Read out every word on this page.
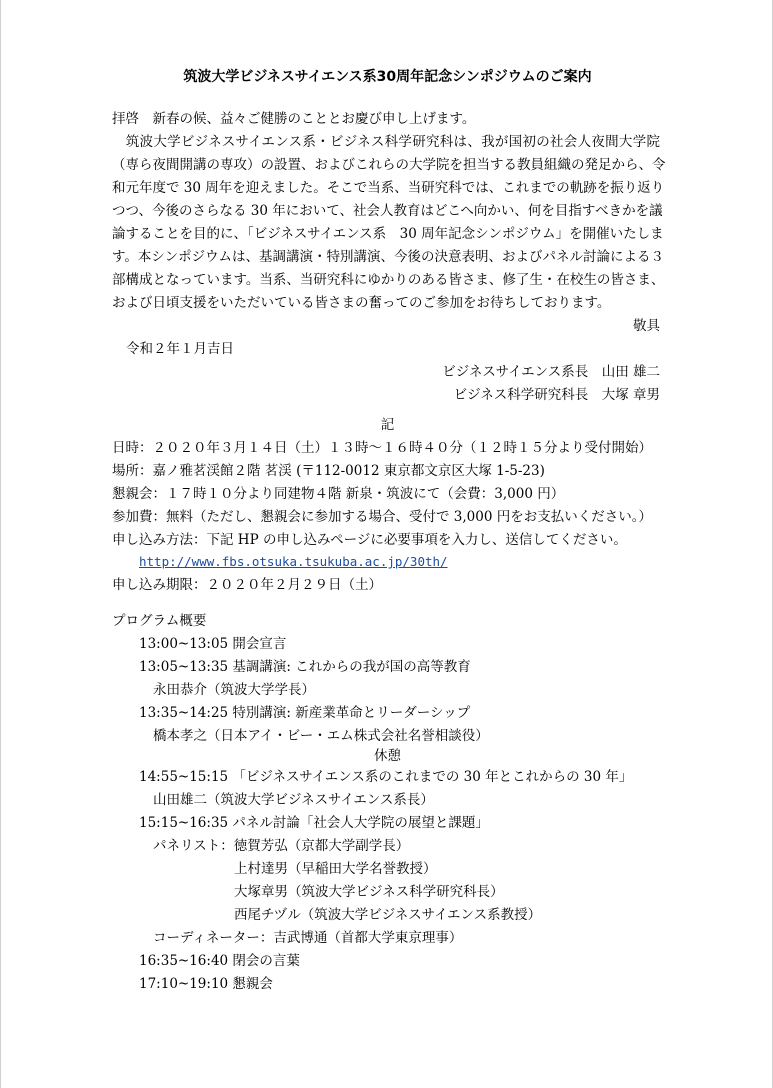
筑波大学ビジネスサイエンス系30周年記念シンポジウムのご案内
拝啓　新春の候、益々ご健勝のこととお慶び申し上げます。
　筑波大学ビジネスサイエンス系・ビジネス科学研究科は、我が国初の社会人夜間大学院
（専ら夜間開講の専攻）の設置、およびこれらの大学院を担当する教員組織の発足から、令
和元年度で 30 周年を迎えました。そこで当系、当研究科では、これまでの軌跡を振り返り
つつ、今後のさらなる 30 年において、社会人教育はどこへ向かい、何を目指すべきかを議
論することを目的に、「ビジネスサイエンス系　30 周年記念シンポジウム」を開催いたしま
す。本シンポジウムは、基調講演・特別講演、今後の決意表明、およびパネル討論による３
部構成となっています。当系、当研究科にゆかりのある皆さま、修了生・在校生の皆さま、
および日頃支援をいただいている皆さまの奮ってのご参加をお待ちしております。
敬具
令和２年１月吉日
ビジネスサイエンス系長　山田 雄二
ビジネス科学研究科長　大塚 章男
記
日時：２０２０年３月１４日（土）１３時～１６時４０分（１２時１５分より受付開始）
場所：嘉ノ雅茗渓館２階 茗渓 (〒112-0012 東京都文京区大塚 1-5-23)
懇親会：１７時１０分より同建物４階 新泉・筑波にて（会費：3,000 円）
参加費：無料（ただし、懇親会に参加する場合、受付で 3,000 円をお支払いください。）
申し込み方法：下記 HP の申し込みページに必要事項を入力し、送信してください。
http://www.fbs.otsuka.tsukuba.ac.jp/30th/
申し込み期限：２０２０年２月２９日（土）
プログラム概要
13:00~13:05 開会宣言
13:05~13:35 基調講演: これからの我が国の高等教育
永田恭介（筑波大学学長）
13:35~14:25 特別講演: 新産業革命とリーダーシップ
橋本孝之（日本アイ・ビー・エム株式会社名誉相談役）
休憩
14:55~15:15 「ビジネスサイエンス系のこれまでの 30 年とこれからの 30 年」
山田雄二（筑波大学ビジネスサイエンス系長）
15:15~16:35 パネル討論「社会人大学院の展望と課題」
パネリスト：徳賀芳弘（京都大学副学長）
上村達男（早稲田大学名誉教授）
大塚章男（筑波大学ビジネス科学研究科長）
西尾チヅル（筑波大学ビジネスサイエンス系教授）
コーディネーター：吉武博通（首都大学東京理事）
16:35~16:40 閉会の言葉
17:10~19:10 懇親会
